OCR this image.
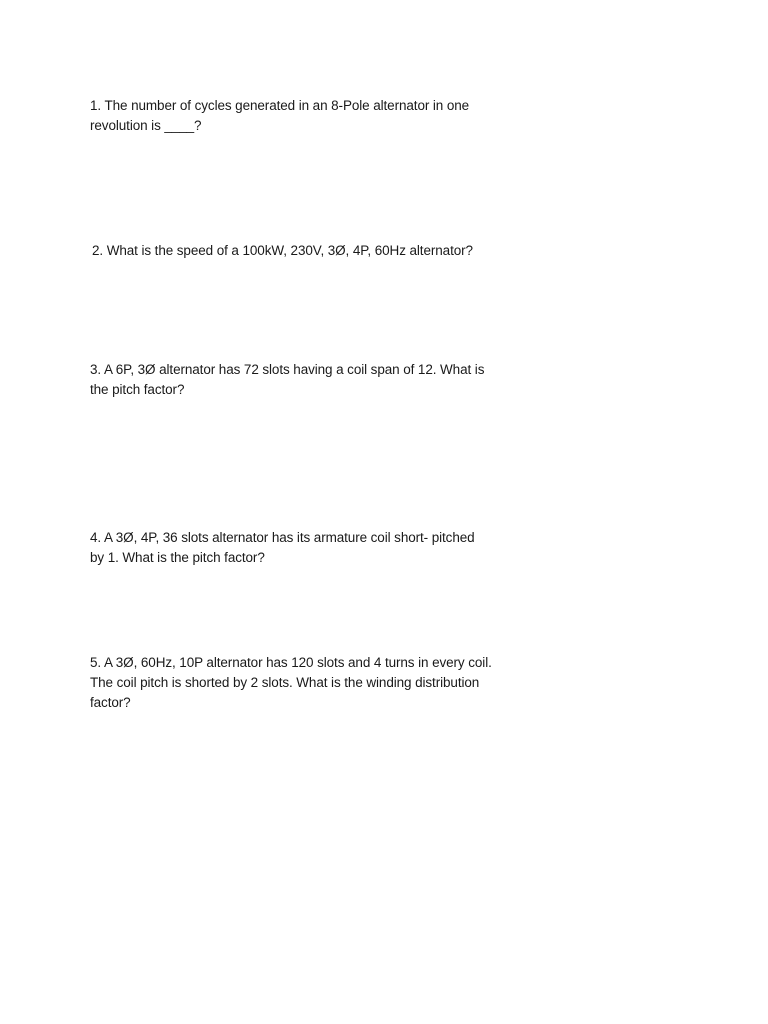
1. The number of cycles generated in an 8-Pole alternator in one
revolution is ____?
2. What is the speed of a 100kW, 230V, 3Ø, 4P, 60Hz alternator?
3. A 6P, 3Ø alternator has 72 slots having a coil span of 12. What is
the pitch factor?
4. A 3Ø, 4P, 36 slots alternator has its armature coil short- pitched
by 1. What is the pitch factor?
5. A 3Ø, 60Hz, 10P alternator has 120 slots and 4 turns in every coil.
The coil pitch is shorted by 2 slots. What is the winding distribution
factor?
